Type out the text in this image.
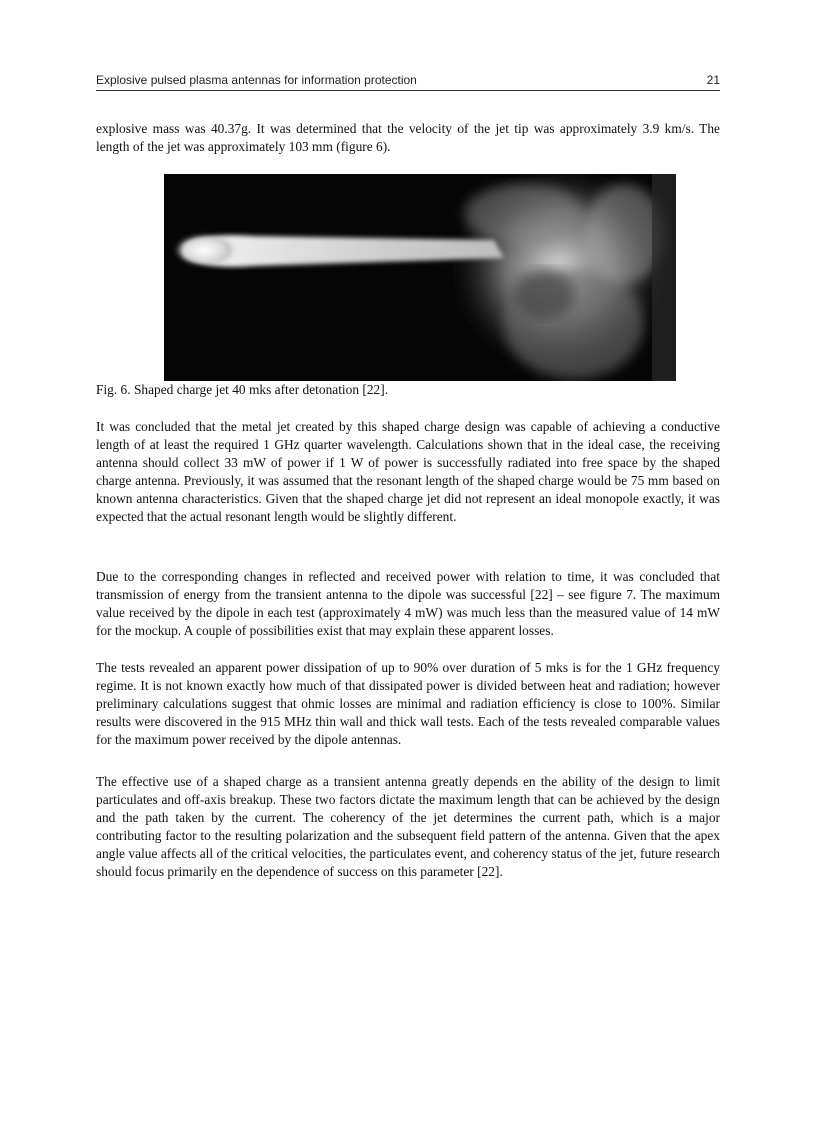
Explosive pulsed plasma antennas for information protection	21

explosive mass was 40.37g. It was determined that the velocity of the jet tip was approximately 3.9 km/s. The length of the jet was approximately 103 mm (figure 6).

Fig. 6. Shaped charge jet 40 mks after detonation [22].

It was concluded that the metal jet created by this shaped charge design was capable of achieving a conductive length of at least the required 1 GHz quarter wavelength. Calculations shown that in the ideal case, the receiving antenna should collect 33 mW of power if 1 W of power is successfully radiated into free space by the shaped charge antenna. Previously, it was assumed that the resonant length of the shaped charge would be 75 mm based on known antenna characteristics. Given that the shaped charge jet did not represent an ideal monopole exactly, it was expected that the actual resonant length would be slightly different.

Due to the corresponding changes in reflected and received power with relation to time, it was concluded that transmission of energy from the transient antenna to the dipole was successful [22] – see figure 7. The maximum value received by the dipole in each test (approximately 4 mW) was much less than the measured value of 14 mW for the mockup. A couple of possibilities exist that may explain these apparent losses.

The tests revealed an apparent power dissipation of up to 90% over duration of 5 mks is for the 1 GHz frequency regime. It is not known exactly how much of that dissipated power is divided between heat and radiation; however preliminary calculations suggest that ohmic losses are minimal and radiation efficiency is close to 100%. Similar results were discovered in the 915 MHz thin wall and thick wall tests. Each of the tests revealed comparable values for the maximum power received by the dipole antennas.

The effective use of a shaped charge as a transient antenna greatly depends en the ability of the design to limit particulates and off-axis breakup. These two factors dictate the maximum length that can be achieved by the design and the path taken by the current. The coherency of the jet determines the current path, which is a major contributing factor to the resulting polarization and the subsequent field pattern of the antenna. Given that the apex angle value affects all of the critical velocities, the particulates event, and coherency status of the jet, future research should focus primarily en the dependence of success on this parameter [22].
